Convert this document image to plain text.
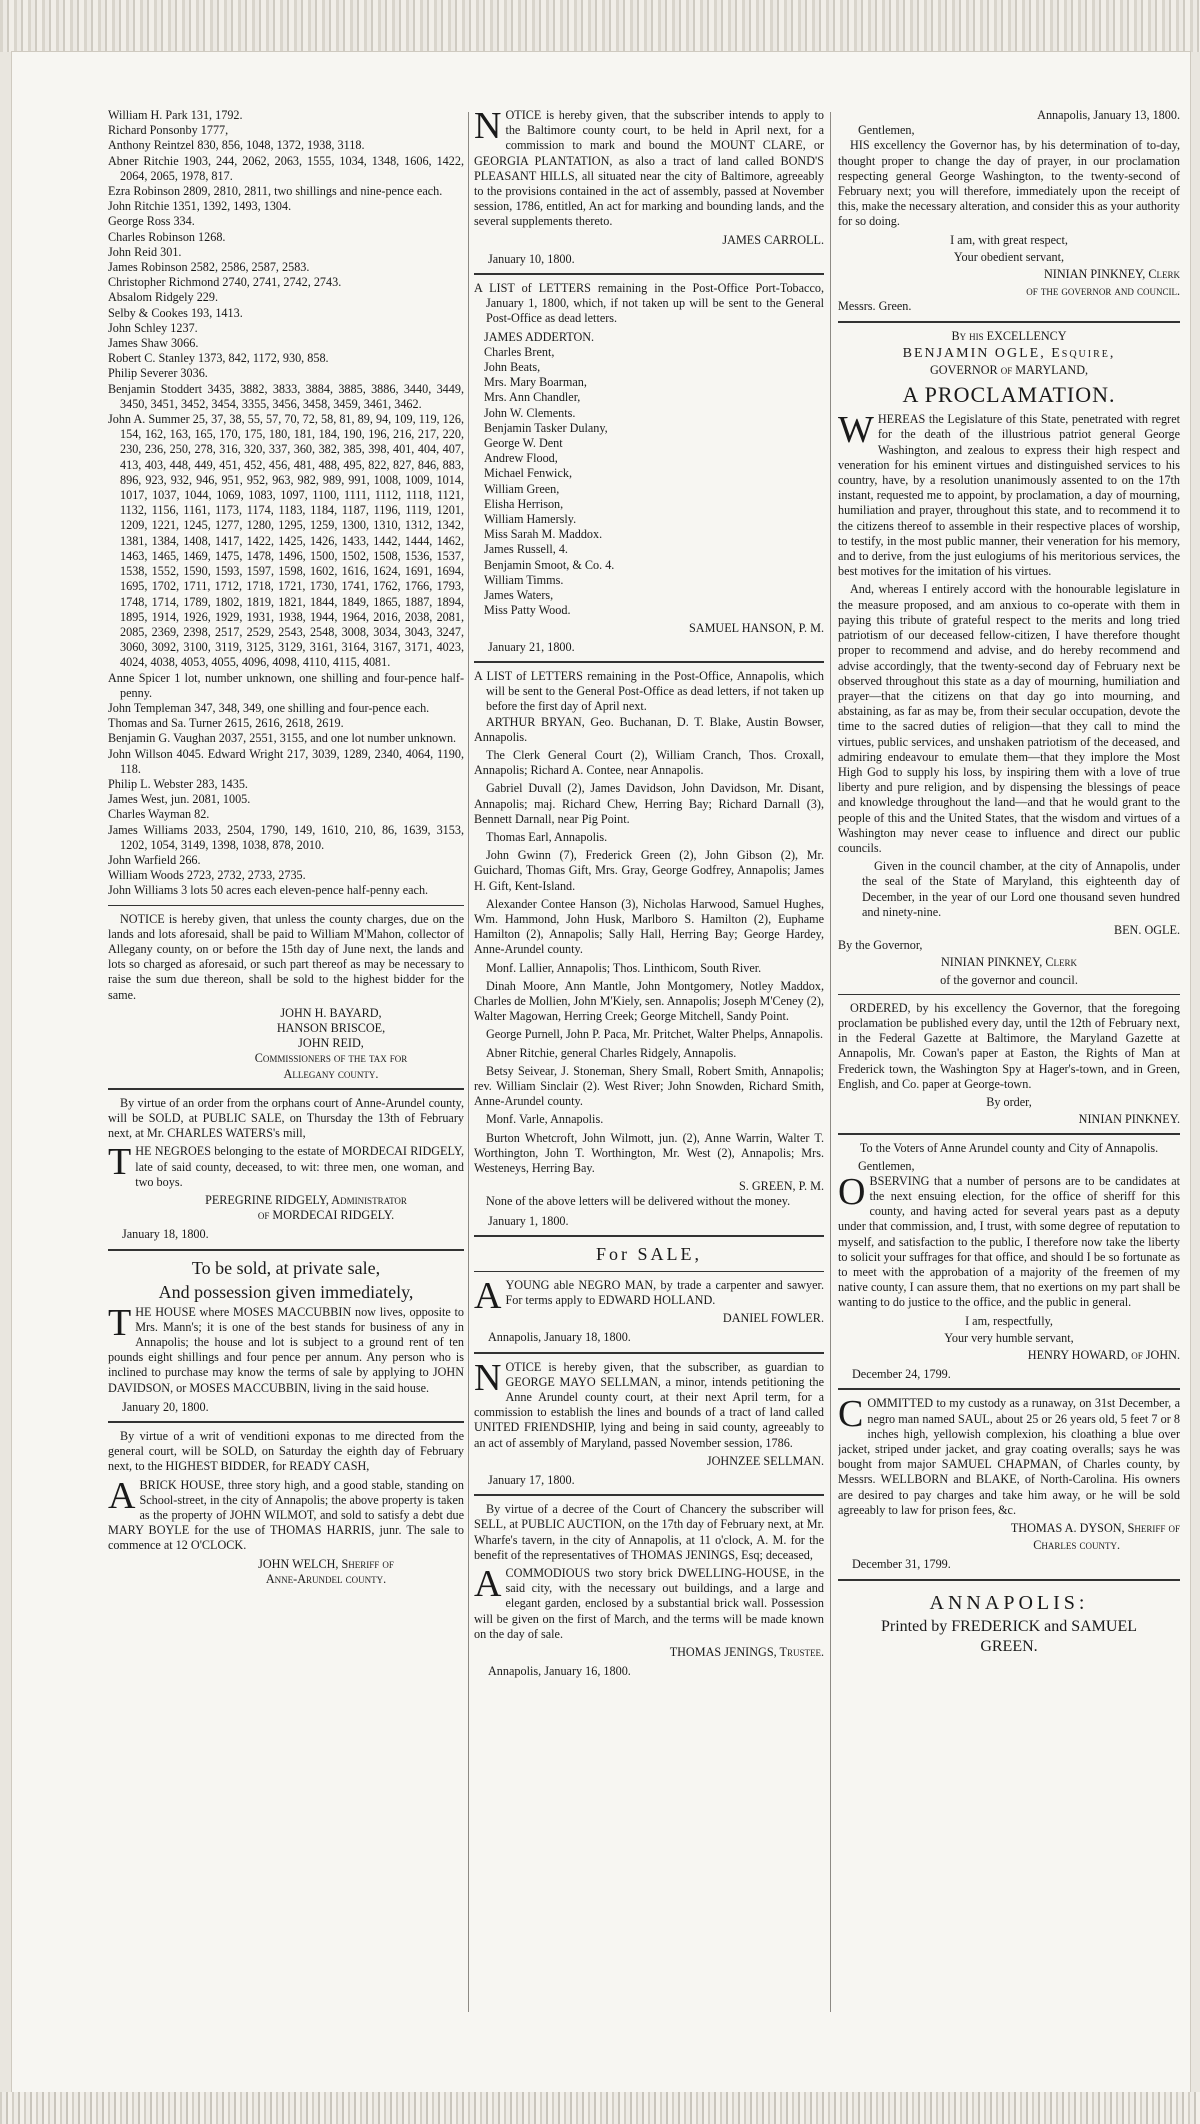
William H. Park 131, 1792.

Richard Ponsonby 1777,

Anthony Reintzel 830, 856, 1048, 1372, 1938, 3118.

Abner Ritchie 1903, 244, 2062, 2063, 1555, 1034, 1348, 1606, 1422, 2064, 2065, 1978, 817.

Ezra Robinson 2809, 2810, 2811, two shillings and nine-pence each.

John Ritchie 1351, 1392, 1493, 1304.

George Ross 334.

Charles Robinson 1268.

John Reid 301.

James Robinson 2582, 2586, 2587, 2583.

Christopher Richmond 2740, 2741, 2742, 2743.

Absalom Ridgely 229.

Selby & Cookes 193, 1413.

John Schley 1237.

James Shaw 3066.

Robert C. Stanley 1373, 842, 1172, 930, 858.

Philip Severer 3036.

Benjamin Stoddert 3435, 3882, 3833, 3884, 3885, 3886, 3440, 3449, 3450, 3451, 3452, 3454, 3355, 3456, 3458, 3459, 3461, 3462.

John A. Summer 25, 37, 38, 55, 57, 70, 72, 58, 81, 89, 94, 109, 119, 126, 154, 162, 163, 165, 170, 175, 180, 181, 184, 190, 196, 216, 217, 220, 230, 236, 250, 278, 316, 320, 337, 360, 382, 385, 398, 401, 404, 407, 413, 403, 448, 449, 451, 452, 456, 481, 488, 495, 822, 827, 846, 883, 896, 923, 932, 946, 951, 952, 963, 982, 989, 991, 1008, 1009, 1014, 1017, 1037, 1044, 1069, 1083, 1097, 1100, 1111, 1112, 1118, 1121, 1132, 1156, 1161, 1173, 1174, 1183, 1184, 1187, 1196, 1119, 1201, 1209, 1221, 1245, 1277, 1280, 1295, 1259, 1300, 1310, 1312, 1342, 1381, 1384, 1408, 1417, 1422, 1425, 1426, 1433, 1442, 1444, 1462, 1463, 1465, 1469, 1475, 1478, 1496, 1500, 1502, 1508, 1536, 1537, 1538, 1552, 1590, 1593, 1597, 1598, 1602, 1616, 1624, 1691, 1694, 1695, 1702, 1711, 1712, 1718, 1721, 1730, 1741, 1762, 1766, 1793, 1748, 1714, 1789, 1802, 1819, 1821, 1844, 1849, 1865, 1887, 1894, 1895, 1914, 1926, 1929, 1931, 1938, 1944, 1964, 2016, 2038, 2081, 2085, 2369, 2398, 2517, 2529, 2543, 2548, 3008, 3034, 3043, 3247, 3060, 3092, 3100, 3119, 3125, 3129, 3161, 3164, 3167, 3171, 4023, 4024, 4038, 4053, 4055, 4096, 4098, 4110, 4115, 4081.

Anne Spicer 1 lot, number unknown, one shilling and four-pence half-penny.

John Templeman 347, 348, 349, one shilling and four-pence each.

Thomas and Sa. Turner 2615, 2616, 2618, 2619.

Benjamin G. Vaughan 2037, 2551, 3155, and one lot number unknown.

John Willson 4045. Edward Wright 217, 3039, 1289, 2340, 4064, 1190, 118.

Philip L. Webster 283, 1435.

James West, jun. 2081, 1005.

Charles Wayman 82.

James Williams 2033, 2504, 1790, 149, 1610, 210, 86, 1639, 3153, 1202, 1054, 3149, 1398, 1038, 878, 2010.

John Warfield 266.

William Woods 2723, 2732, 2733, 2735.

John Williams 3 lots 50 acres each eleven-pence half-penny each.

NOTICE is hereby given, that unless the county charges, due on the lands and lots aforesaid, shall be paid to William M'Mahon, collector of Allegany county, on or before the 15th day of June next, the lands and lots so charged as aforesaid, or such part thereof as may be necessary to raise the sum due thereon, shall be sold to the highest bidder for the same.

JOHN H. BAYARD,

HANSON BRISCOE,

JOHN REID,

Commissioners of the tax for

Allegany county.

By virtue of an order from the orphans court of Anne-Arundel county, will be SOLD, at PUBLIC SALE, on Thursday the 13th of February next, at Mr. CHARLES WATERS's mill,

THE NEGROES belonging to the estate of MORDECAI RIDGELY, late of said county, deceased, to wit: three men, one woman, and two boys.

PEREGRINE RIDGELY, Administrator

of MORDECAI RIDGELY.

January 18, 1800.

To be sold, at private sale,

And possession given immediately,

THE HOUSE where MOSES MACCUBBIN now lives, opposite to Mrs. Mann's; it is one of the best stands for business of any in Annapolis; the house and lot is subject to a ground rent of ten pounds eight shillings and four pence per annum. Any person who is inclined to purchase may know the terms of sale by applying to JOHN DAVIDSON, or MOSES MACCUBBIN, living in the said house.

January 20, 1800.

By virtue of a writ of venditioni exponas to me directed from the general court, will be SOLD, on Saturday the eighth day of February next, to the HIGHEST BIDDER, for READY CASH,

A BRICK HOUSE, three story high, and a good stable, standing on School-street, in the city of Annapolis; the above property is taken as the property of JOHN WILMOT, and sold to satisfy a debt due MARY BOYLE for the use of THOMAS HARRIS, junr. The sale to commence at 12 O'CLOCK.

JOHN WELCH, Sheriff of

Anne-Arundel county.

NOTICE is hereby given, that the subscriber intends to apply to the Baltimore county court, to be held in April next, for a commission to mark and bound the MOUNT CLARE, or GEORGIA PLANTATION, as also a tract of land called BOND'S PLEASANT HILLS, all situated near the city of Baltimore, agreeably to the provisions contained in the act of assembly, passed at November session, 1786, entitled, An act for marking and bounding lands, and the several supplements thereto.

JAMES CARROLL.

January 10, 1800.

A LIST of LETTERS remaining in the Post-Office Port-Tobacco, January 1, 1800, which, if not taken up will be sent to the General Post-Office as dead letters.

JAMES ADDERTON.

Charles Brent,

John Beats,

Mrs. Mary Boarman,

Mrs. Ann Chandler,

John W. Clements.

Benjamin Tasker Dulany,

George W. Dent

Andrew Flood,

Michael Fenwick,

William Green,

Elisha Herrison,

William Hamersly.

Miss Sarah M. Maddox.

James Russell, 4.

Benjamin Smoot, & Co. 4.

William Timms.

James Waters,

Miss Patty Wood.

SAMUEL HANSON, P. M.

January 21, 1800.

A LIST of LETTERS remaining in the Post-Office, Annapolis, which will be sent to the General Post-Office as dead letters, if not taken up before the first day of April next.

ARTHUR BRYAN, Geo. Buchanan, D. T. Blake, Austin Bowser, Annapolis.

The Clerk General Court (2), William Cranch, Thos. Croxall, Annapolis; Richard A. Contee, near Annapolis.

Gabriel Duvall (2), James Davidson, John Davidson, Mr. Disant, Annapolis; maj. Richard Chew, Herring Bay; Richard Darnall (3), Bennett Darnall, near Pig Point.

Thomas Earl, Annapolis.

John Gwinn (7), Frederick Green (2), John Gibson (2), Mr. Guichard, Thomas Gift, Mrs. Gray, George Godfrey, Annapolis; James H. Gift, Kent-Island.

Alexander Contee Hanson (3), Nicholas Harwood, Samuel Hughes, Wm. Hammond, John Husk, Marlboro S. Hamilton (2), Euphame Hamilton (2), Annapolis; Sally Hall, Herring Bay; George Hardey, Anne-Arundel county.

Monf. Lallier, Annapolis; Thos. Linthicom, South River.

Dinah Moore, Ann Mantle, John Montgomery, Notley Maddox, Charles de Mollien, John M'Kiely, sen. Annapolis; Joseph M'Ceney (2), Walter Magowan, Herring Creek; George Mitchell, Sandy Point.

George Purnell, John P. Paca, Mr. Pritchet, Walter Phelps, Annapolis.

Abner Ritchie, general Charles Ridgely, Annapolis.

Betsy Seivear, J. Stoneman, Shery Small, Robert Smith, Annapolis; rev. William Sinclair (2). West River; John Snowden, Richard Smith, Anne-Arundel county.

Monf. Varle, Annapolis.

Burton Whetcroft, John Wilmott, jun. (2), Anne Warrin, Walter T. Worthington, John T. Worthington, Mr. West (2), Annapolis; Mrs. Westeneys, Herring Bay.

S. GREEN, P. M.

None of the above letters will be delivered without the money.

January 1, 1800.

For SALE,

A YOUNG able NEGRO MAN, by trade a carpenter and sawyer. For terms apply to EDWARD HOLLAND.

DANIEL FOWLER.

Annapolis, January 18, 1800.

NOTICE is hereby given, that the subscriber, as guardian to GEORGE MAYO SELLMAN, a minor, intends petitioning the Anne Arundel county court, at their next April term, for a commission to establish the lines and bounds of a tract of land called UNITED FRIENDSHIP, lying and being in said county, agreeably to an act of assembly of Maryland, passed November session, 1786.

JOHNZEE SELLMAN.

January 17, 1800.

By virtue of a decree of the Court of Chancery the subscriber will SELL, at PUBLIC AUCTION, on the 17th day of February next, at Mr. Wharfe's tavern, in the city of Annapolis, at 11 o'clock, A. M. for the benefit of the representatives of THOMAS JENINGS, Esq; deceased,

A COMMODIOUS two story brick DWELLING-HOUSE, in the said city, with the necessary out buildings, and a large and elegant garden, enclosed by a substantial brick wall. Possession will be given on the first of March, and the terms will be made known on the day of sale.

THOMAS JENINGS, Trustee.

Annapolis, January 16, 1800.

Annapolis, January 13, 1800.

Gentlemen,

HIS excellency the Governor has, by his determination of to-day, thought proper to change the day of prayer, in our proclamation respecting general George Washington, to the twenty-second of February next; you will therefore, immediately upon the receipt of this, make the necessary alteration, and consider this as your authority for so doing.

I am, with great respect,

Your obedient servant,

NINIAN PINKNEY, Clerk

of the governor and council.

Messrs. Green.

By his EXCELLENCY

BENJAMIN OGLE, Esquire,

GOVERNOR of MARYLAND,

A PROCLAMATION.

WHEREAS the Legislature of this State, penetrated with regret for the death of the illustrious patriot general George Washington, and zealous to express their high respect and veneration for his eminent virtues and distinguished services to his country, have, by a resolution unanimously assented to on the 17th instant, requested me to appoint, by proclamation, a day of mourning, humiliation and prayer, throughout this state, and to recommend it to the citizens thereof to assemble in their respective places of worship, to testify, in the most public manner, their veneration for his memory, and to derive, from the just eulogiums of his meritorious services, the best motives for the imitation of his virtues.

And, whereas I entirely accord with the honourable legislature in the measure proposed, and am anxious to co-operate with them in paying this tribute of grateful respect to the merits and long tried patriotism of our deceased fellow-citizen, I have therefore thought proper to recommend and advise, and do hereby recommend and advise accordingly, that the twenty-second day of February next be observed throughout this state as a day of mourning, humiliation and prayer—that the citizens on that day go into mourning, and abstaining, as far as may be, from their secular occupation, devote the time to the sacred duties of religion—that they call to mind the virtues, public services, and unshaken patriotism of the deceased, and admiring endeavour to emulate them—that they implore the Most High God to supply his loss, by inspiring them with a love of true liberty and pure religion, and by dispensing the blessings of peace and knowledge throughout the land—and that he would grant to the people of this and the United States, that the wisdom and virtues of a Washington may never cease to influence and direct our public councils.

Given in the council chamber, at the city of Annapolis, under the seal of the State of Maryland, this eighteenth day of December, in the year of our Lord one thousand seven hundred and ninety-nine.

BEN. OGLE.

By the Governor,

NINIAN PINKNEY, Clerk

of the governor and council.

ORDERED, by his excellency the Governor, that the foregoing proclamation be published every day, until the 12th of February next, in the Federal Gazette at Baltimore, the Maryland Gazette at Annapolis, Mr. Cowan's paper at Easton, the Rights of Man at Frederick town, the Washington Spy at Hager's-town, and in Green, English, and Co. paper at George-town.

By order,

NINIAN PINKNEY.

To the Voters of Anne Arundel county and City of Annapolis.

Gentlemen,

OBSERVING that a number of persons are to be candidates at the next ensuing election, for the office of sheriff for this county, and having acted for several years past as a deputy under that commission, and, I trust, with some degree of reputation to myself, and satisfaction to the public, I therefore now take the liberty to solicit your suffrages for that office, and should I be so fortunate as to meet with the approbation of a majority of the freemen of my native county, I can assure them, that no exertions on my part shall be wanting to do justice to the office, and the public in general.

I am, respectfully,

Your very humble servant,

HENRY HOWARD, of JOHN.

December 24, 1799.

COMMITTED to my custody as a runaway, on 31st December, a negro man named SAUL, about 25 or 26 years old, 5 feet 7 or 8 inches high, yellowish complexion, his cloathing a blue over jacket, striped under jacket, and gray coating overalls; says he was bought from major SAMUEL CHAPMAN, of Charles county, by Messrs. WELLBORN and BLAKE, of North-Carolina. His owners are desired to pay charges and take him away, or he will be sold agreeably to law for prison fees, &c.

THOMAS A. DYSON, Sheriff of

Charles county.

December 31, 1799.

ANNAPOLIS:

Printed by FREDERICK and SAMUEL

GREEN.
